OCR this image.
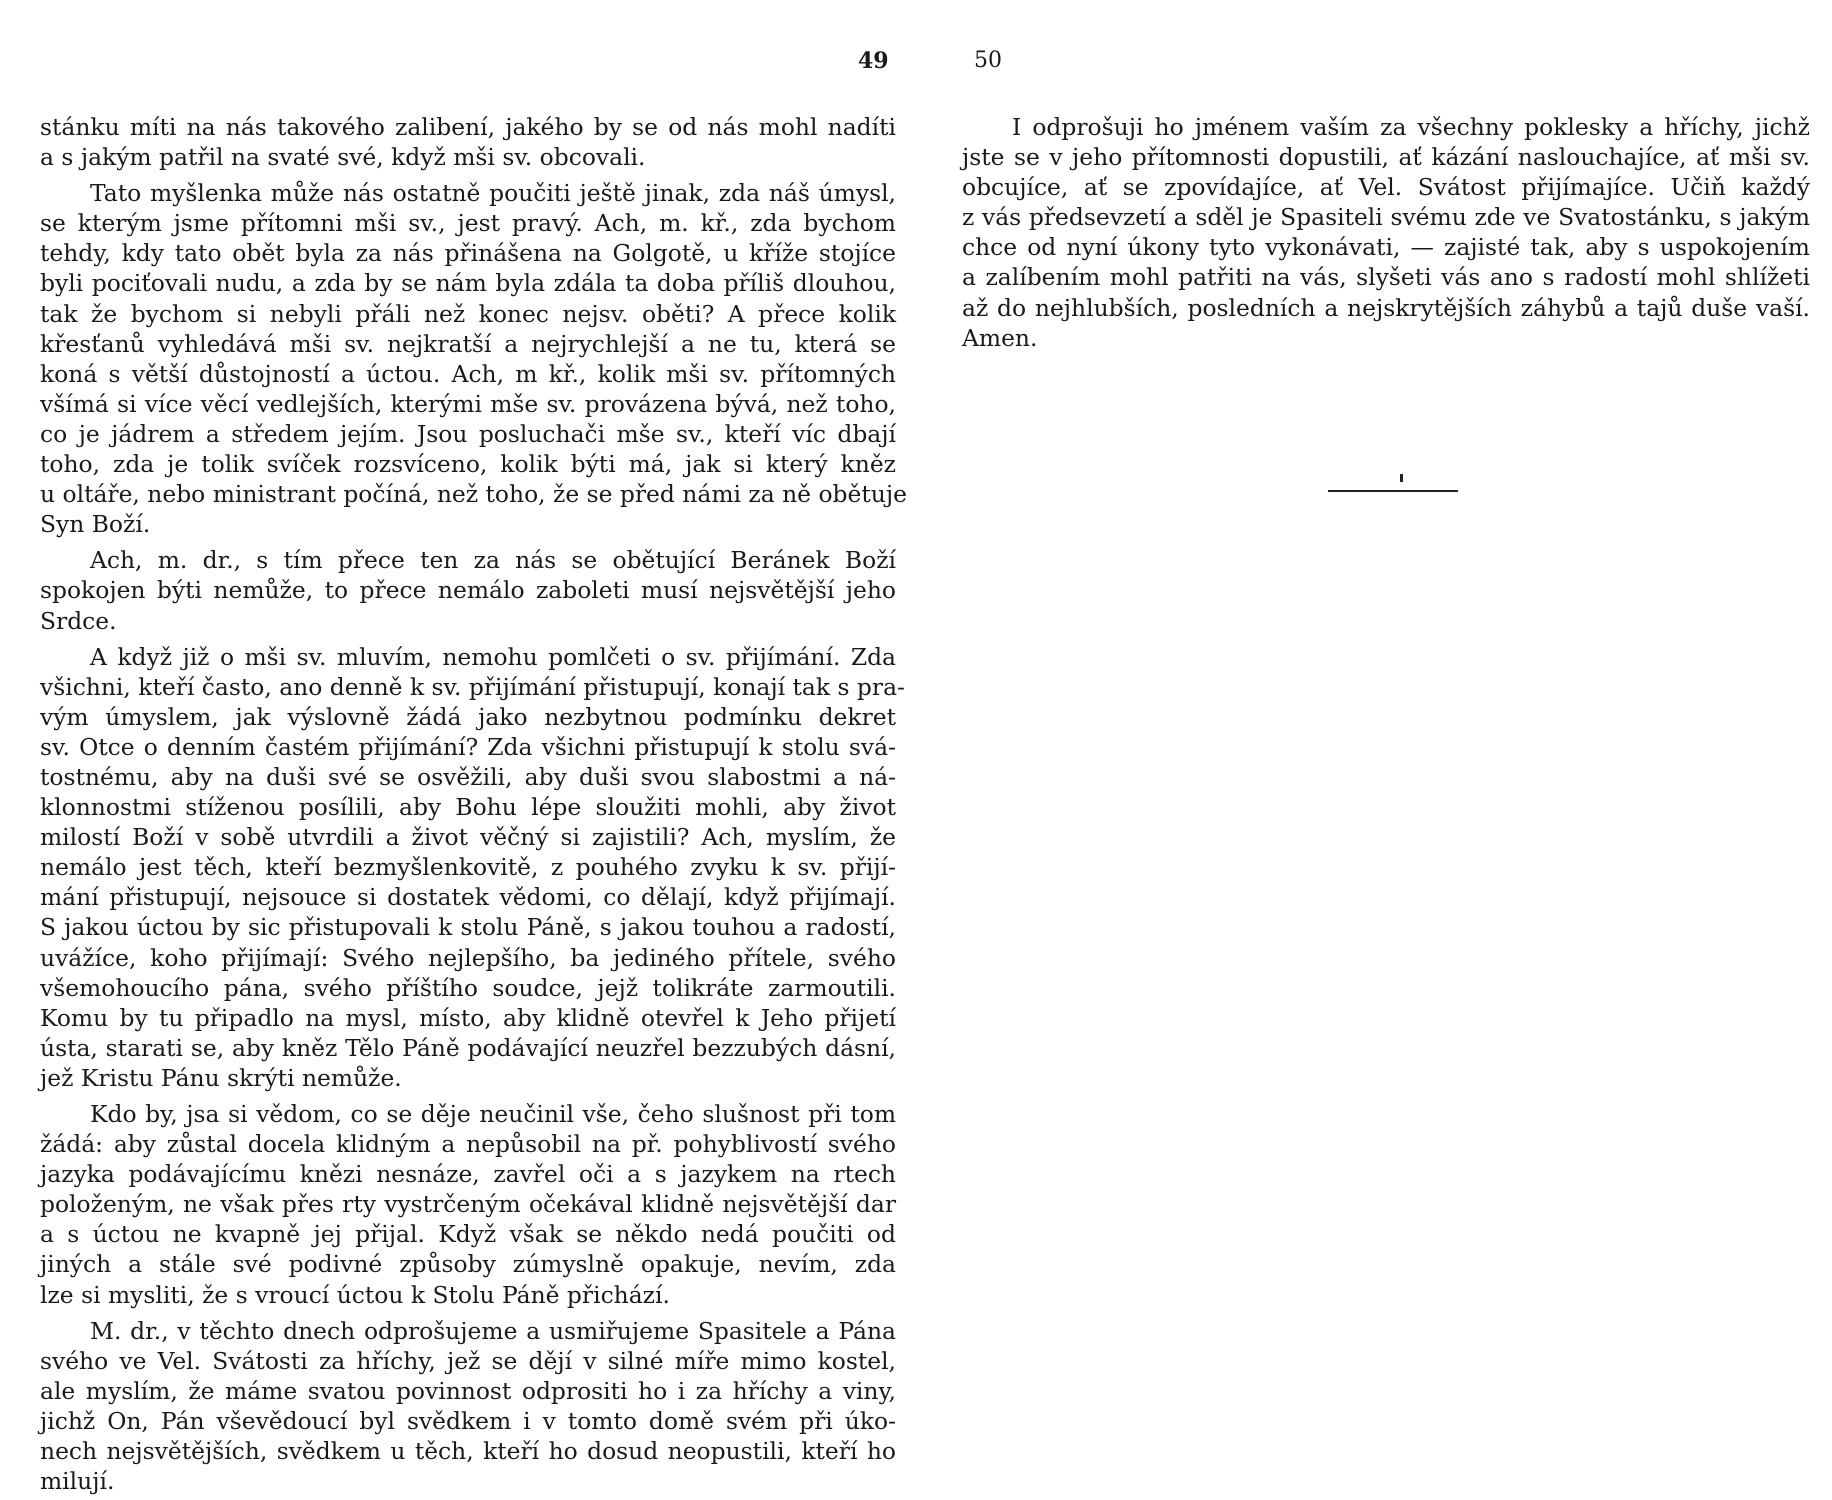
49	50
stánku míti na nás takového zalibení, jakého by se od nás mohl nadíti
a s jakým patřil na svaté své, když mši sv. obcovali.
Tato myšlenka může nás ostatně poučiti ještě jinak, zda náš úmysl,
se kterým jsme přítomni mši sv., jest pravý. Ach, m. kř., zda bychom
tehdy, kdy tato obět byla za nás přinášena na Golgotě, u kříže stojíce
byli pociťovali nudu, a zda by se nám byla zdála ta doba příliš dlouhou,
tak že bychom si nebyli přáli než konec nejsv. oběti? A přece kolik
křesťanů vyhledává mši sv. nejkratší a nejrychlejší a ne tu, která se
koná s větší důstojností a úctou. Ach, m kř., kolik mši sv. přítomných
všímá si více věcí vedlejších, kterými mše sv. provázena bývá, než toho,
co je jádrem a středem jejím. Jsou posluchači mše sv., kteří víc dbají
toho, zda je tolik svíček rozsvíceno, kolik býti má, jak si který kněz
u oltáře, nebo ministrant počíná, než toho, že se před námi za ně obětuje
Syn Boží.
Ach, m. dr., s tím přece ten za nás se obětující Beránek Boží
spokojen býti nemůže, to přece nemálo zaboleti musí nejsvětější jeho
Srdce.
A když již o mši sv. mluvím, nemohu pomlčeti o sv. přijímání. Zda
všichni, kteří často, ano denně k sv. přijímání přistupují, konají tak s pra-
vým úmyslem, jak výslovně žádá jako nezbytnou podmínku dekret
sv. Otce o denním častém přijímání? Zda všichni přistupují k stolu svá-
tostnému, aby na duši své se osvěžili, aby duši svou slabostmi a ná-
klonnostmi stíženou posílili, aby Bohu lépe sloužiti mohli, aby život
milostí Boží v sobě utvrdili a život věčný si zajistili? Ach, myslím, že
nemálo jest těch, kteří bezmyšlenkovitě, z pouhého zvyku k sv. přijí-
mání přistupují, nejsouce si dostatek vědomi, co dělají, když přijímají.
S jakou úctou by sic přistupovali k stolu Páně, s jakou touhou a radostí,
uvážíce, koho přijímají: Svého nejlepšího, ba jediného přítele, svého
všemohoucího pána, svého příštího soudce, jejž tolikráte zarmoutili.
Komu by tu připadlo na mysl, místo, aby klidně otevřel k Jeho přijetí
ústa, starati se, aby kněz Tělo Páně podávající neuzřel bezzubých dásní,
jež Kristu Pánu skrýti nemůže.
Kdo by, jsa si vědom, co se děje neučinil vše, čeho slušnost při tom
žádá: aby zůstal docela klidným a nepůsobil na př. pohyblivostí svého
jazyka podávajícímu knězi nesnáze, zavřel oči a s jazykem na rtech
položeným, ne však přes rty vystrčeným očekával klidně nejsvětější dar
a s úctou ne kvapně jej přijal. Když však se někdo nedá poučiti od
jiných a stále své podivné způsoby zúmyslně opakuje, nevím, zda
lze si mysliti, že s vroucí úctou k Stolu Páně přichází.
M. dr., v těchto dnech odprošujeme a usmiřujeme Spasitele a Pána
svého ve Vel. Svátosti za hříchy, jež se dějí v silné míře mimo kostel,
ale myslím, že máme svatou povinnost odprositi ho i za hříchy a viny,
jichž On, Pán vševědoucí byl svědkem i v tomto domě svém při úko-
nech nejsvětějších, svědkem u těch, kteří ho dosud neopustili, kteří ho
milují.
I odprošuji ho jménem vaším za všechny poklesky a hříchy, jichž
jste se v jeho přítomnosti dopustili, ať kázání naslouchajíce, ať mši sv.
obcujíce, ať se zpovídajíce, ať Vel. Svátost přijímajíce. Učiň každý
z vás předsevzetí a sděl je Spasiteli svému zde ve Svatostánku, s jakým
chce od nyní úkony tyto vykonávati, — zajisté tak, aby s uspokojením
a zalíbením mohl patřiti na vás, slyšeti vás ano s radostí mohl shlížeti
až do nejhlubších, posledních a nejskrytějších záhybů a tajů duše vaší.
Amen.
